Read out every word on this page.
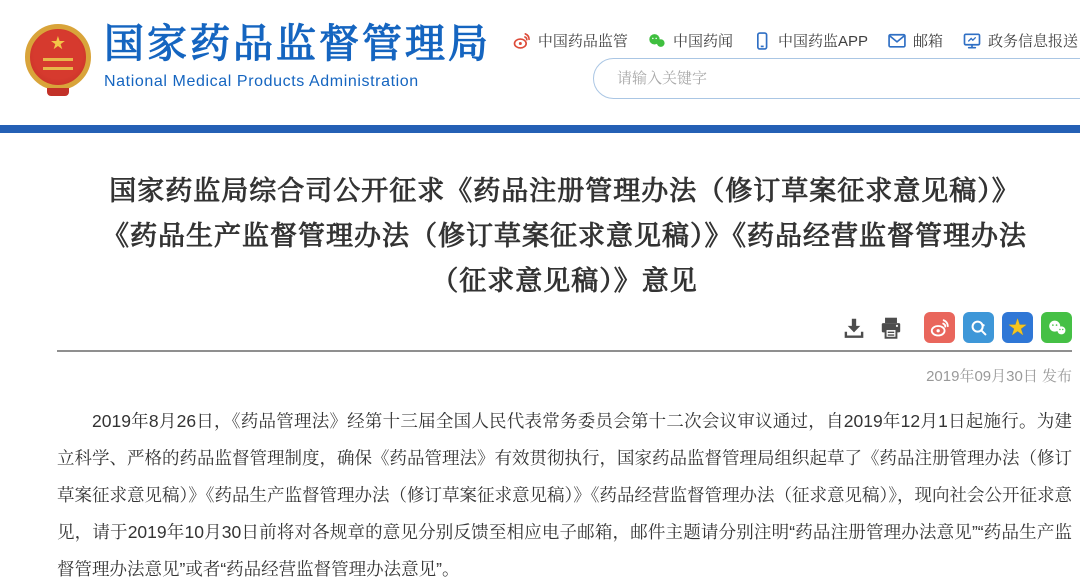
★ 国家药品监督管理局
National Medical Products Administration
中国药品监管	中国药闻	中国药监APP	邮箱	政务信息报送
请输入关键字
国家药监局综合司公开征求《药品注册管理办法（修订草案征求意见稿）》
《药品生产监督管理办法（修订草案征求意见稿）》《药品经营监督管理办法
（征求意见稿）》意见
★
2019年09月30日 发布

2019年8月26日，《药品管理法》经第十三届全国人民代表常务委员会第十二次会议审议通过，自2019年12月1日起施行。为建立科学、严格的药品监督管理制度，确保《药品管理法》有效贯彻执行，国家药品监督管理局组织起草了《药品注册管理办法（修订草案征求意见稿）》《药品生产监督管理办法（修订草案征求意见稿）》《药品经营监督管理办法（征求意见稿）》，现向社会公开征求意见，请于2019年10月30日前将对各规章的意见分别反馈至相应电子邮箱，邮件主题请分别注明“药品注册管理办法意见”“药品生产监督管理办法意见”或者“药品经营监督管理办法意见”。
